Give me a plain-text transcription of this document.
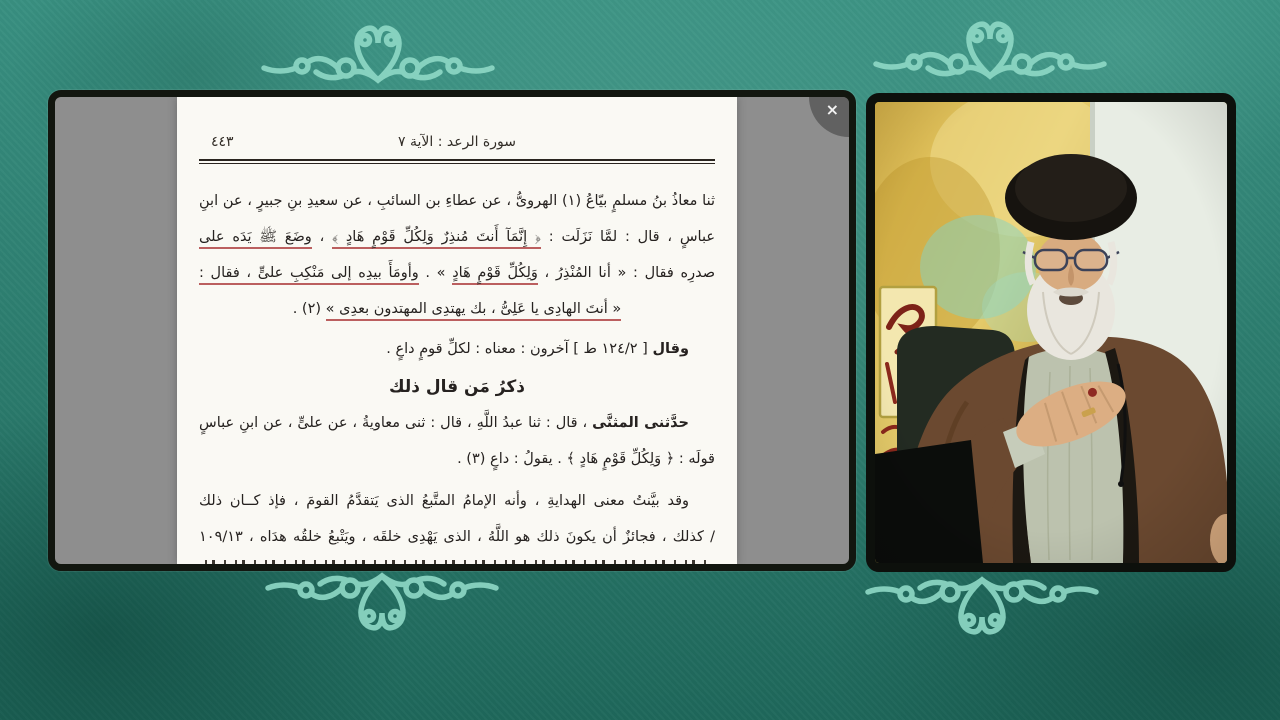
سورة الرعد : الآية ٧
٤٤٣
ثنا معاذُ بنُ مسلمٍ بيّاعُ (١) الهروىُّ ، عن عطاءِ بن السائبِ ، عن سعيدِ بنِ جبيرٍ ، عن ابنِ
عباسٍ ، قال : لمَّا نَزَلَت : ﴿ إِنَّمَآ أَنتَ مُنذِرٌ وَلِكُلِّ قَوْمٍ هَادٍ ﴾ ، وضَعَ ﷺ يَدَه على
صدرِه فقال : « أنا المُنْذِرُ ، وَلِكُلِّ قَوْمٍ هَادٍ » . وأومَأَ بيدِه إلى مَنْكِبِ علىٍّ ، فقال :
« أنتَ الهادِى يا عَلِىُّ ، بك يهتدِى المهتدون بعدِى » (٢) .
وقال [ ١٢٤/٢ ط ] آخرون : معناه : لكلِّ قومٍ داعٍ .
ذكرُ مَن قال ذلك
حدَّثنى المثنَّى ، قال : ثنا عبدُ اللَّهِ ، قال : ثنى معاويةُ ، عن علىٍّ ، عن ابنِ عباسٍ
قولَه : ﴿ وَلِكُلِّ قَوْمٍ هَادٍ ﴾ . يقولُ : داعٍ (٣) .
وقد بيَّنتُ معنى الهدايةِ ، وأنه الإمامُ المتَّبعُ الذى يَتقدَّمُ القومَ ، فإذ كــان ذلك
/ كذلك ، فجائزٌ أن يكونَ ذلك هو اللَّهُ ، الذى يَهْدِى خلقَه ، ويَتْبعُ خلقُه هدَاه ، ١٠٩/١٣
×
